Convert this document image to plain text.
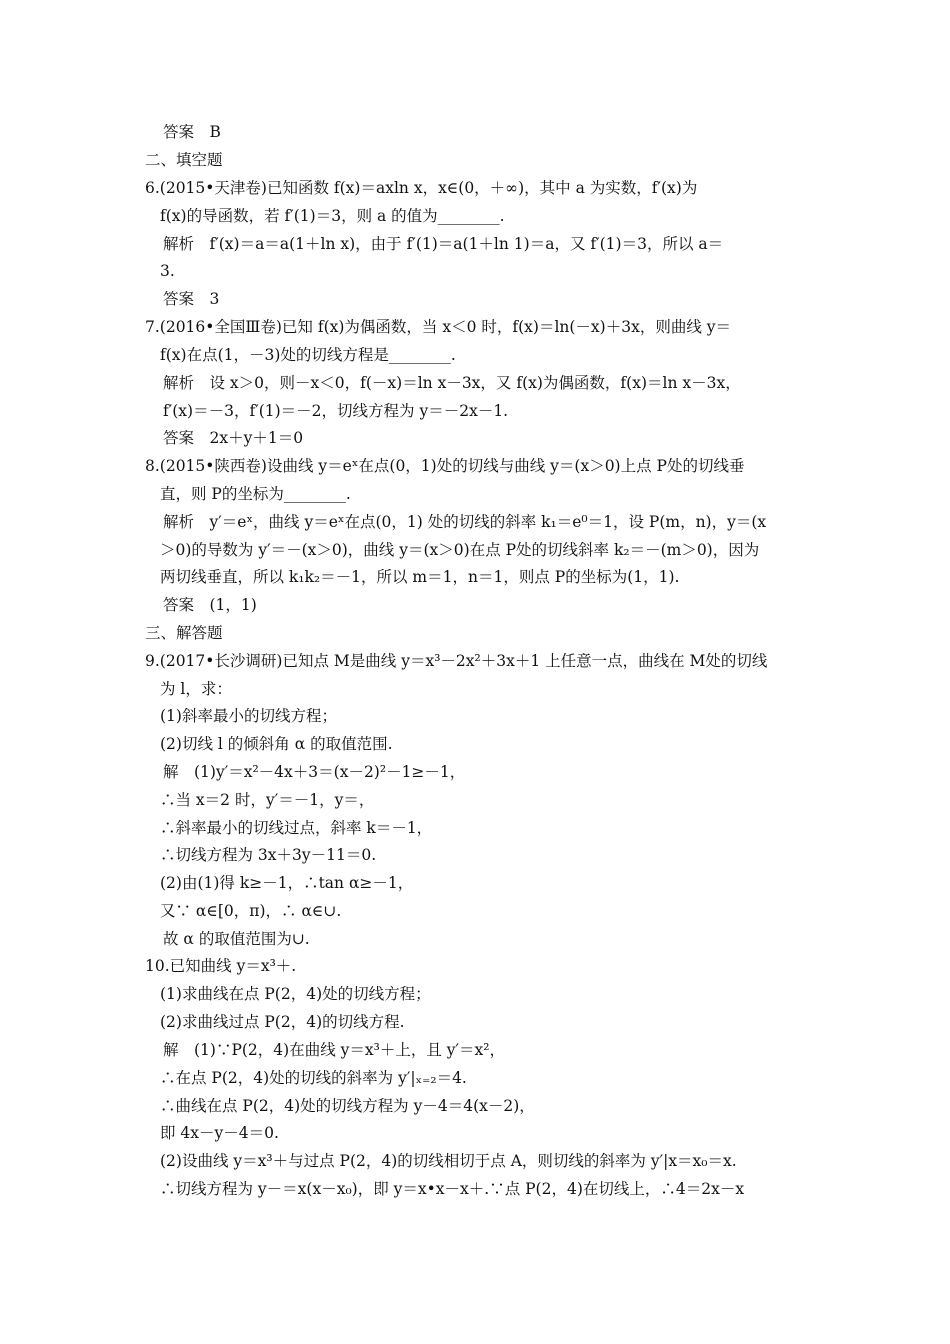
答案　B
二、填空题
6.(2015•天津卷)已知函数 f(x)＝axln x，x∈(0，＋∞)，其中 a 为实数，f′(x)为
f(x)的导函数，若 f′(1)＝3，则 a 的值为________.
解析　f′(x)＝a＝a(1＋ln x)，由于 f′(1)＝a(1＋ln 1)＝a，又 f′(1)＝3，所以 a＝
3.
答案　3
7.(2016•全国Ⅲ卷)已知 f(x)为偶函数，当 x＜0 时，f(x)＝ln(－x)＋3x，则曲线 y＝
f(x)在点(1，－3)处的切线方程是________.
解析　设 x＞0，则－x＜0，f(－x)＝ln x－3x，又 f(x)为偶函数，f(x)＝ln x－3x，
f′(x)＝－3，f′(1)＝－2，切线方程为 y＝－2x－1.
答案　2x＋y＋1＝0
8.(2015•陕西卷)设曲线 y＝eˣ在点(0，1)处的切线与曲线 y＝(x＞0)上点 P处的切线垂
直，则 P的坐标为________.
解析　y′＝eˣ，曲线 y＝eˣ在点(0，1) 处的切线的斜率 k₁＝e⁰＝1，设 P(m，n)，y＝(x
＞0)的导数为 y′＝－(x＞0)，曲线 y＝(x＞0)在点 P处的切线斜率 k₂＝－(m＞0)，因为
两切线垂直，所以 k₁k₂＝－1，所以 m＝1，n＝1，则点 P的坐标为(1，1).
答案　(1，1)
三、解答题
9.(2017•长沙调研)已知点 M是曲线 y＝x³－2x²＋3x＋1 上任意一点，曲线在 M处的切线
为 l，求：
(1)斜率最小的切线方程；
(2)切线 l 的倾斜角 α 的取值范围.
解　(1)y′＝x²－4x＋3＝(x－2)²－1≥－1，
∴当 x＝2 时，y′＝－1，y＝，
∴斜率最小的切线过点，斜率 k＝－1，
∴切线方程为 3x＋3y－11＝0.
(2)由(1)得 k≥－1，∴tan α≥－1，
又∵ α∈[0，π)，∴ α∈∪.
故 α 的取值范围为∪.
10.已知曲线 y＝x³＋.
(1)求曲线在点 P(2，4)处的切线方程；
(2)求曲线过点 P(2，4)的切线方程.
解　(1)∵P(2，4)在曲线 y＝x³＋上，且 y′＝x²，
∴在点 P(2，4)处的切线的斜率为 y′|ₓ₌₂＝4.
∴曲线在点 P(2，4)处的切线方程为 y－4＝4(x－2)，
即 4x－y－4＝0.
(2)设曲线 y＝x³＋与过点 P(2，4)的切线相切于点 A，则切线的斜率为 y′|x＝x₀＝x.
∴切线方程为 y－＝x(x－x₀)，即 y＝x•x－x＋.∵点 P(2，4)在切线上，∴4＝2x－x
